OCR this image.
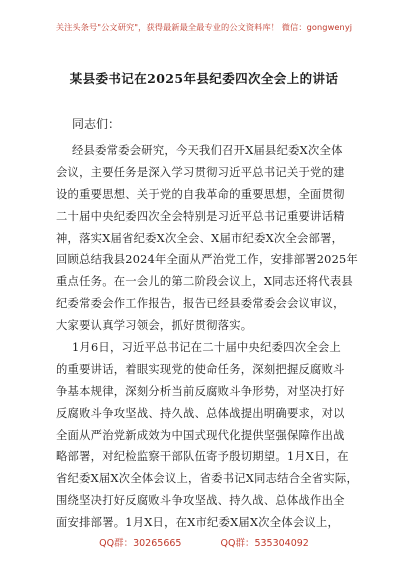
关注头条号"公文研究"，获得最新最全最专业的公文资料库！ 微信：gongwenyj
某县委书记在2025年县纪委四次全会上的讲话
同志们：
经县委常委会研究，今天我们召开X届县纪委X次全体
会议，主要任务是深入学习贯彻习近平总书记关于党的建
设的重要思想、关于党的自我革命的重要思想，全面贯彻
二十届中央纪委四次全会特别是习近平总书记重要讲话精
神，落实X届省纪委X次全会、X届市纪委X次全会部署，
回顾总结我县2024年全面从严治党工作，安排部署2025年
重点任务。在一会儿的第二阶段会议上，X同志还将代表县
纪委常委会作工作报告，报告已经县委常委会会议审议，
大家要认真学习领会，抓好贯彻落实。
1月6日，习近平总书记在二十届中央纪委四次全会上
的重要讲话，着眼实现党的使命任务，深刻把握反腐败斗
争基本规律，深刻分析当前反腐败斗争形势，对坚决打好
反腐败斗争攻坚战、持久战、总体战提出明确要求，对以
全面从严治党新成效为中国式现代化提供坚强保障作出战
略部署，对纪检监察干部队伍寄予殷切期望。1月X日，在
省纪委X届X次全体会议上，省委书记X同志结合全省实际，
围绕坚决打好反腐败斗争攻坚战、持久战、总体战作出全
面安排部署。1月X日，在X市纪委X届X次全体会议上，
QQ群：30265665	QQ群：535304092
